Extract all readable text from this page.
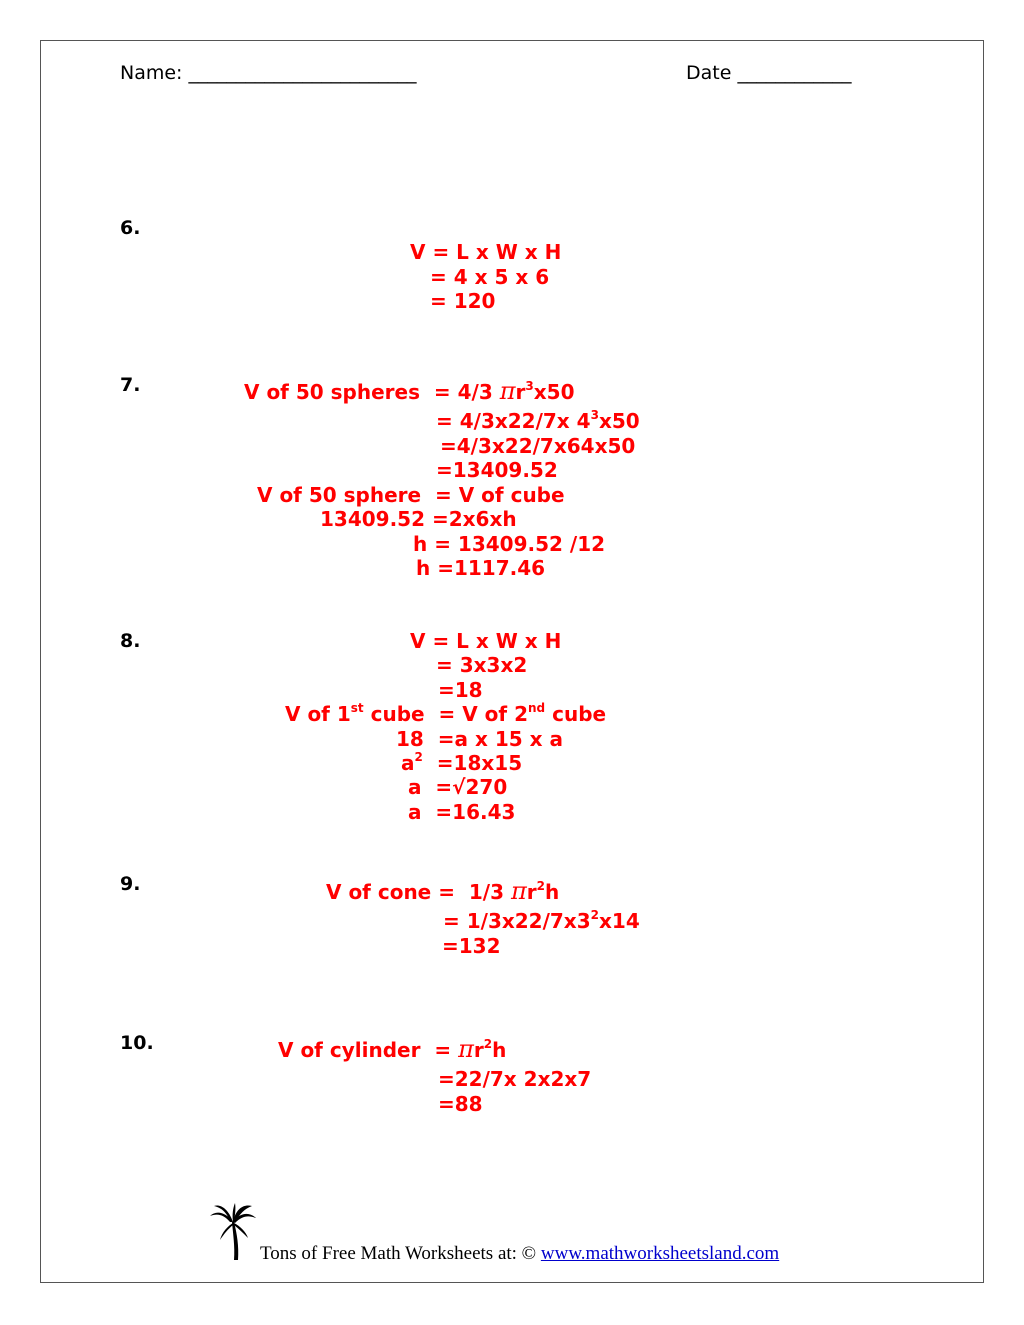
Name: ________________________	Date ____________
6.
V = L x W x H
= 4 x 5 x 6
= 120
7.	V of 50 spheres  = 4/3 $\pi r^3x50$
= 4/3x22/7x $4^3x50$
=4/3x22/7x64x50
=13409.52
V of 50 sphere  = V of cube
13409.52 =2x6xh
h = 13409.52 /12
h =1117.46
8.	V = L x W x H
= 3x3x2
=18
V of 1st cube  = V of 2nd cube
18  =a x 15 x a
$a^2 =18x15$
a  =√270
a  =16.43
9.	V of cone =  1/3 $\pi r^2h$
= $1/3x22/7x3^2x14$
=132
10.	V of cylinder  = $\pi r^2h$
=22/7x 2x2x7
=88
Tons of Free Math Worksheets at: © www.mathworksheetsland.com
